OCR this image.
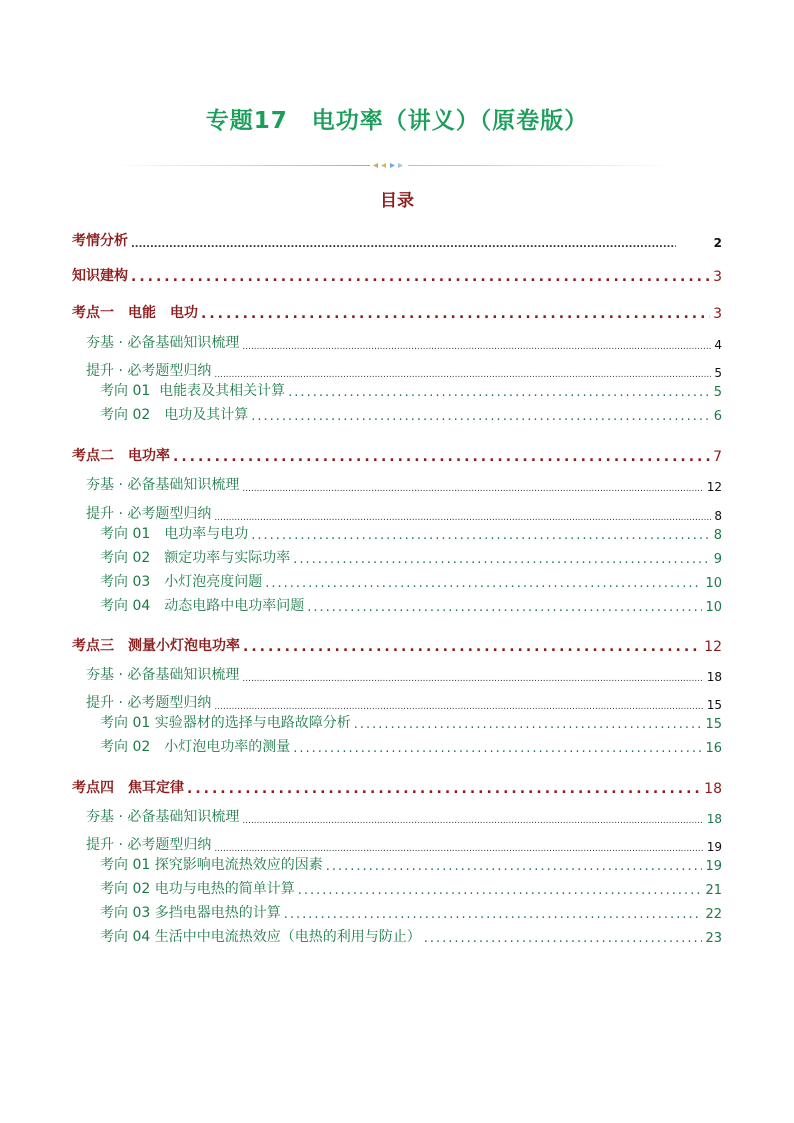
专题17　电功率（讲义）（原卷版）
目录
考情分析 .....	2
知识建构 .....	3
考点一　电能　电功 .....	3
夯基 · 必备基础知识梳理 .....	4
提升 · 必考题型归纳 .....	5
考向 01  电能表及其相关计算 .....	5
考向 02　电功及其计算 .....	6
考点二　电功率 .....	7
夯基 · 必备基础知识梳理 .....	12
提升 · 必考题型归纳 .....	8
考向 01　电功率与电功 .....	8
考向 02　额定功率与实际功率 .....	9
考向 03　小灯泡亮度问题 .....	10
考向 04　动态电路中电功率问题 .....	10
考点三　测量小灯泡电功率 .....	12
夯基 · 必备基础知识梳理 .....	18
提升 · 必考题型归纳 .....	15
考向 01 实验器材的选择与电路故障分析 .....	15
考向 02　小灯泡电功率的测量 .....	16
考点四　焦耳定律 .....	18
夯基 · 必备基础知识梳理 .....	18
提升 · 必考题型归纳 .....	19
考向 01 探究影响电流热效应的因素 .....	19
考向 02 电功与电热的简单计算 .....	21
考向 03 多挡电器电热的计算 .....	22
考向 04 生活中中电流热效应（电热的利用与防止） .....	23
